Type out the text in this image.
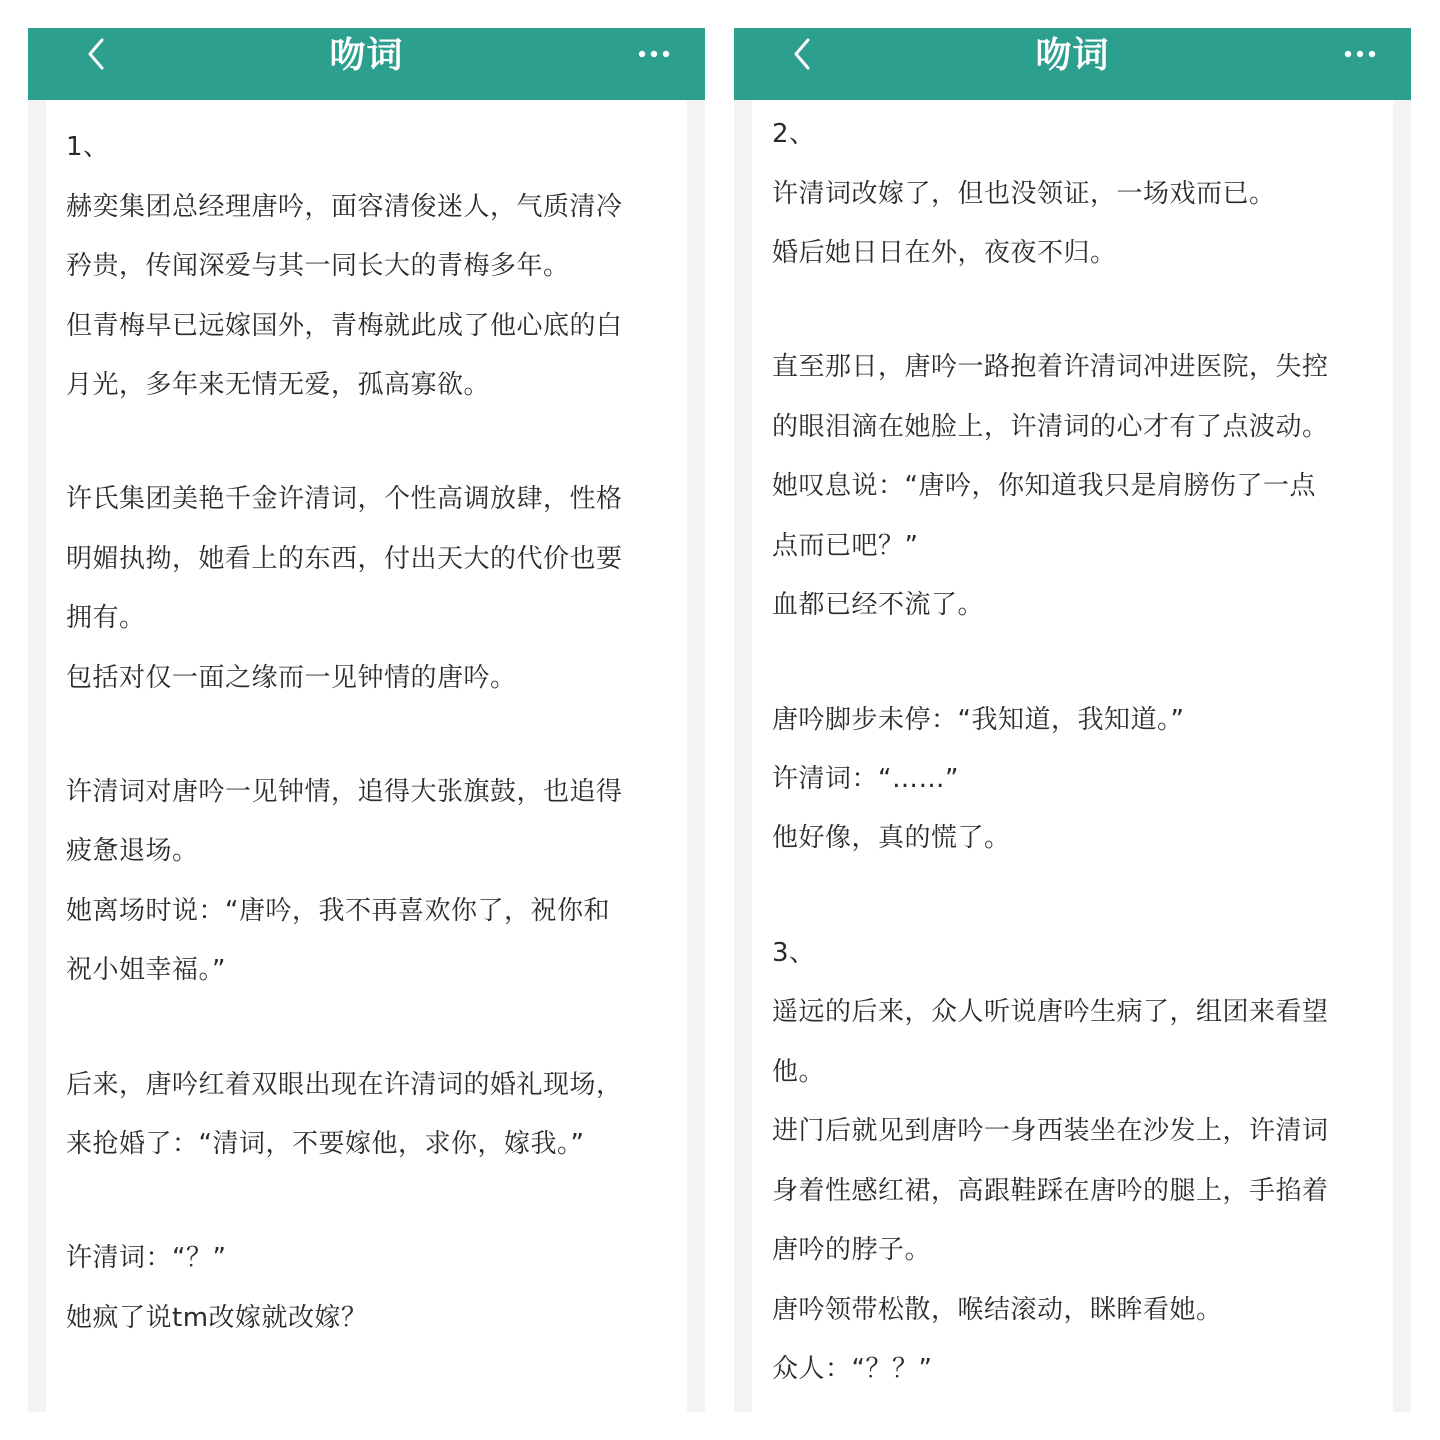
吻词
1、
赫奕集团总经理唐吟，面容清俊迷人，气质清冷
矜贵，传闻深爱与其一同长大的青梅多年。
但青梅早已远嫁国外，青梅就此成了他心底的白
月光，多年来无情无爱，孤高寡欲。
许氏集团美艳千金许清词，个性高调放肆，性格
明媚执拗，她看上的东西，付出天大的代价也要
拥有。
包括对仅一面之缘而一见钟情的唐吟。
许清词对唐吟一见钟情，追得大张旗鼓，也追得
疲惫退场。
她离场时说：“唐吟，我不再喜欢你了，祝你和
祝小姐幸福。”
后来，唐吟红着双眼出现在许清词的婚礼现场，
来抢婚了：“清词，不要嫁他，求你，嫁我。”
许清词：“？”
她疯了说tm改嫁就改嫁？
吻词
2、
许清词改嫁了，但也没领证，一场戏而已。
婚后她日日在外，夜夜不归。
直至那日，唐吟一路抱着许清词冲进医院，失控
的眼泪滴在她脸上，许清词的心才有了点波动。
她叹息说：“唐吟，你知道我只是肩膀伤了一点
点而已吧？”
血都已经不流了。
唐吟脚步未停：“我知道，我知道。”
许清词：“……”
他好像，真的慌了。
3、
遥远的后来，众人听说唐吟生病了，组团来看望
他。
进门后就见到唐吟一身西装坐在沙发上，许清词
身着性感红裙，高跟鞋踩在唐吟的腿上，手掐着
唐吟的脖子。
唐吟领带松散，喉结滚动，眯眸看她。
众人：“？？”
